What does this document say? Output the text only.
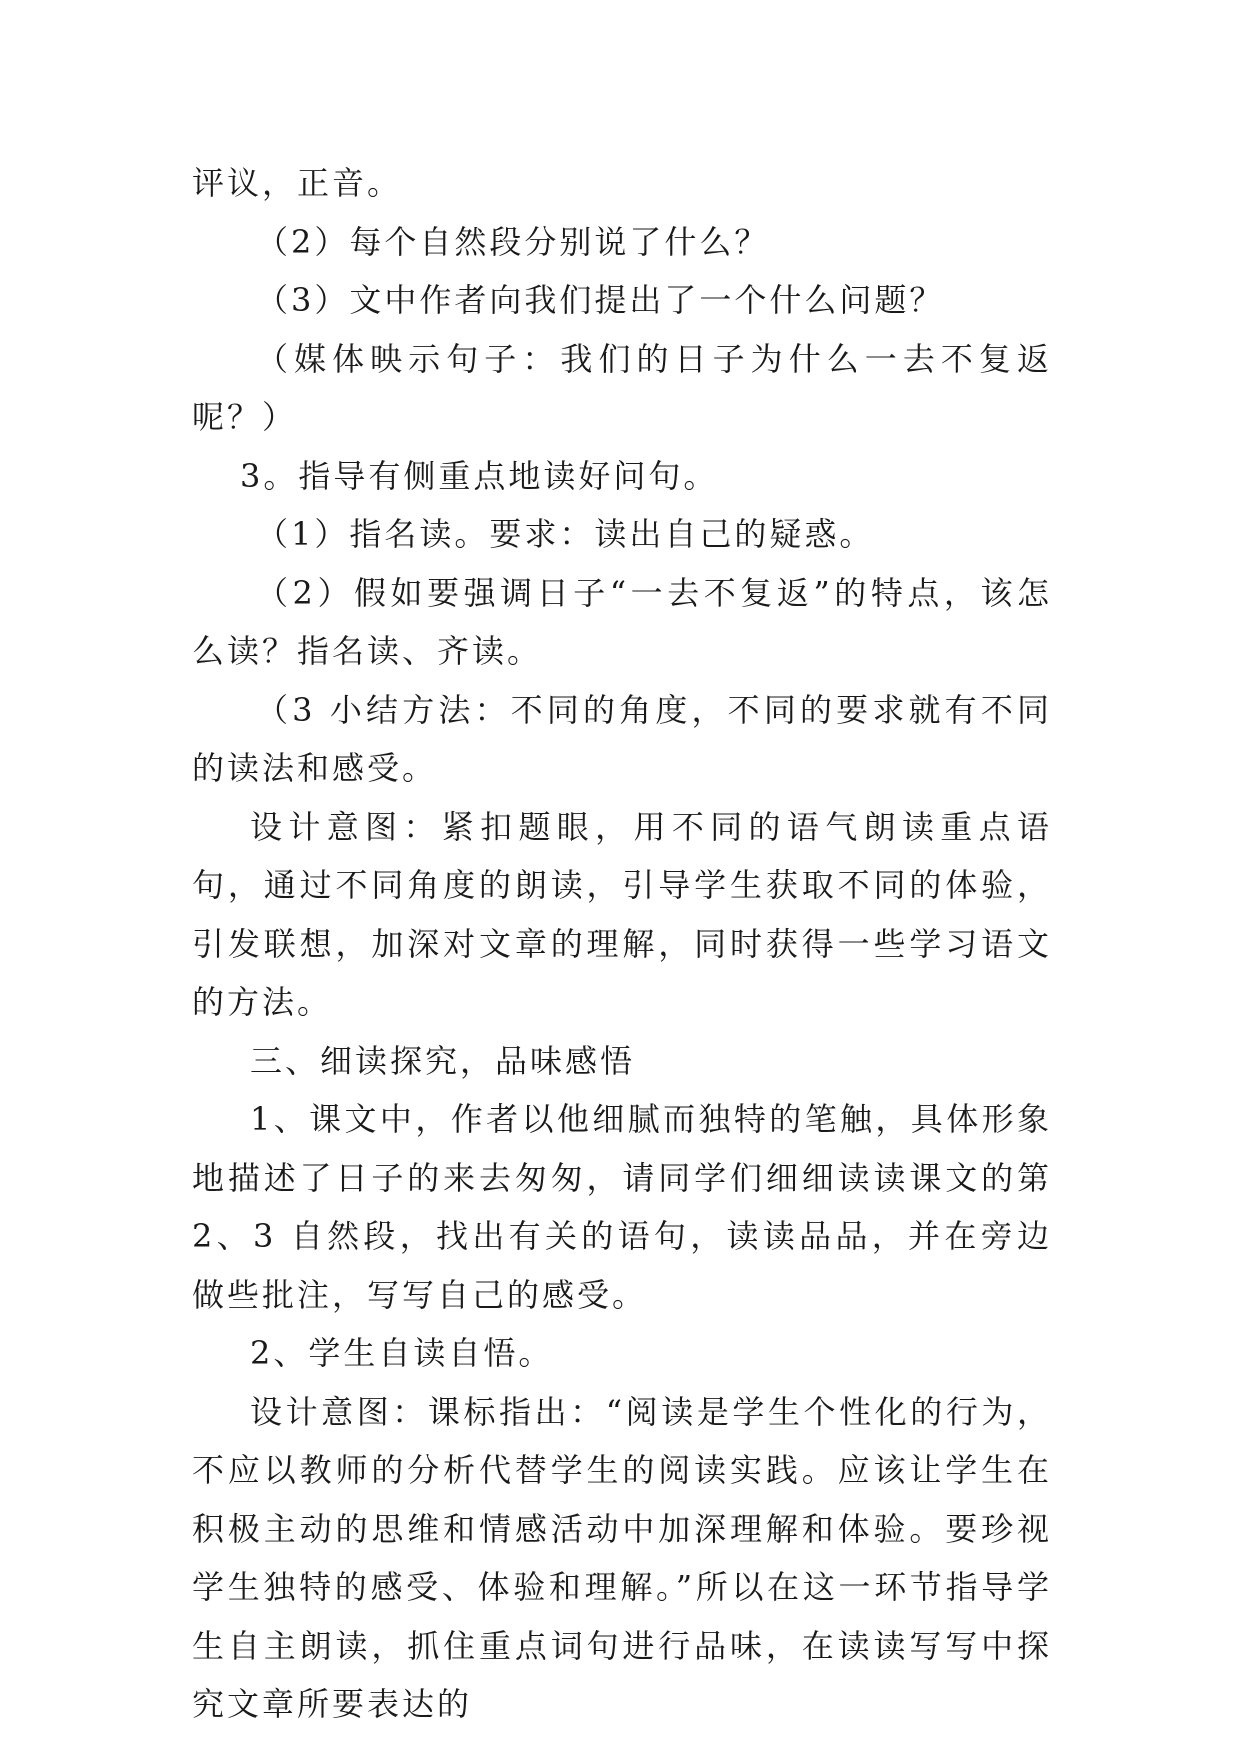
评议，正音。

（2）每个自然段分别说了什么？

（3）文中作者向我们提出了一个什么问题？

（媒体映示句子：我们的日子为什么一去不复返呢？）

3。指导有侧重点地读好问句。

（1）指名读。要求：读出自己的疑惑。

（2）假如要强调日子“一去不复返”的特点，该怎么读？指名读、齐读。

（3 小结方法：不同的角度，不同的要求就有不同的读法和感受。

设计意图：紧扣题眼，用不同的语气朗读重点语句，通过不同角度的朗读，引导学生获取不同的体验，引发联想，加深对文章的理解，同时获得一些学习语文的方法。

三、细读探究，品味感悟

1、课文中，作者以他细腻而独特的笔触，具体形象地描述了日子的来去匆匆，请同学们细细读读课文的第 2、3 自然段，找出有关的语句，读读品品，并在旁边做些批注，写写自己的感受。

2、学生自读自悟。

设计意图：课标指出：“阅读是学生个性化的行为，不应以教师的分析代替学生的阅读实践。应该让学生在积极主动的思维和情感活动中加深理解和体验。要珍视学生独特的感受、体验和理解。”所以在这一环节指导学生自主朗读，抓住重点词句进行品味，在读读写写中探究文章所要表达的
